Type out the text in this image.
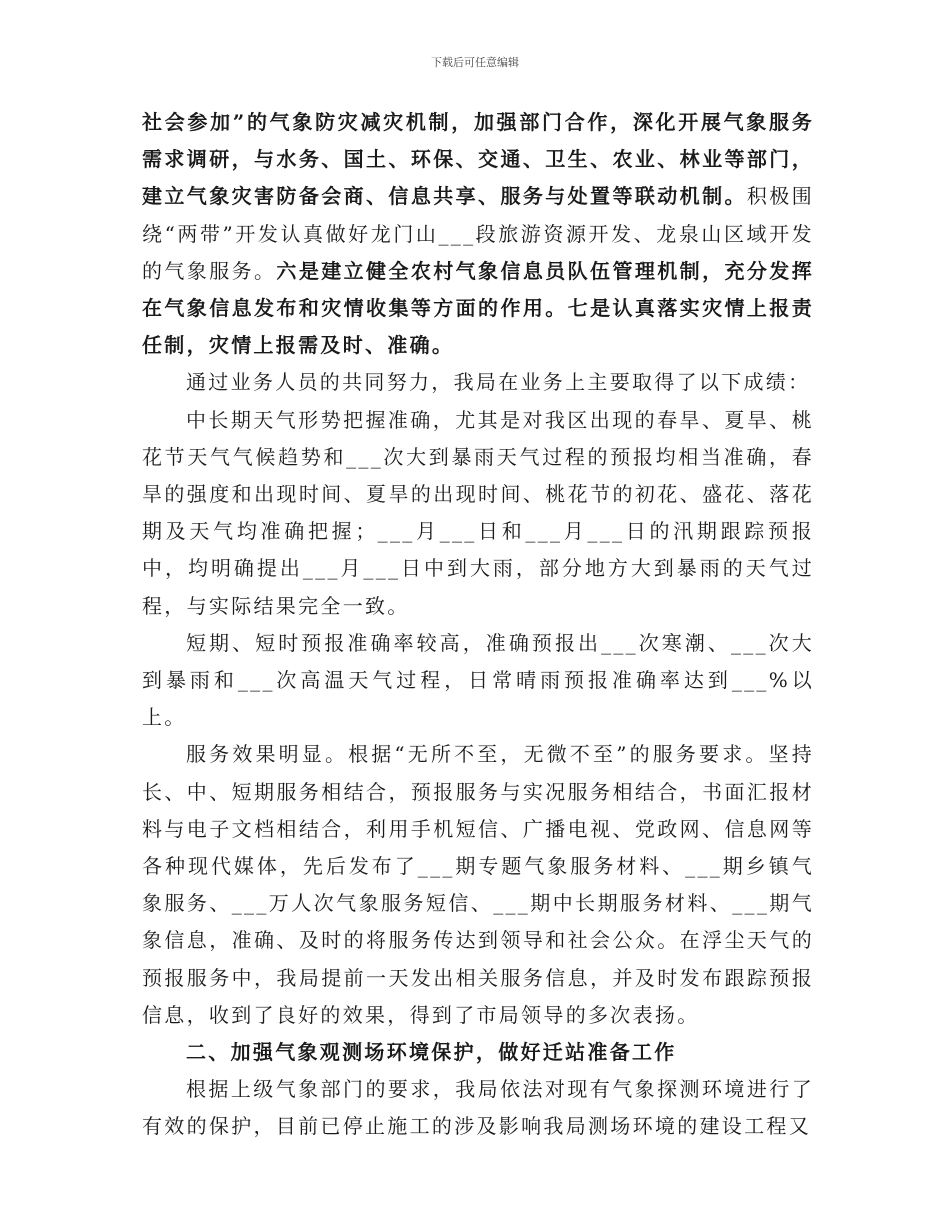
下载后可任意编辑

社会参加”的气象防灾减灾机制，加强部门合作，深化开展气象服务需求调研，与水务、国土、环保、交通、卫生、农业、林业等部门，建立气象灾害防备会商、信息共享、服务与处置等联动机制。积极围绕“两带”开发认真做好龙门山___段旅游资源开发、龙泉山区域开发的气象服务。六是建立健全农村气象信息员队伍管理机制，充分发挥在气象信息发布和灾情收集等方面的作用。七是认真落实灾情上报责任制，灾情上报需及时、准确。

通过业务人员的共同努力，我局在业务上主要取得了以下成绩：

中长期天气形势把握准确，尤其是对我区出现的春旱、夏旱、桃花节天气气候趋势和___次大到暴雨天气过程的预报均相当准确，春旱的强度和出现时间、夏旱的出现时间、桃花节的初花、盛花、落花期及天气均准确把握；___月___日和___月___日的汛期跟踪预报中，均明确提出___月___日中到大雨，部分地方大到暴雨的天气过程，与实际结果完全一致。

短期、短时预报准确率较高，准确预报出___次寒潮、___次大到暴雨和___次高温天气过程，日常晴雨预报准确率达到___%以上。

服务效果明显。根据“无所不至，无微不至”的服务要求。坚持长、中、短期服务相结合，预报服务与实况服务相结合，书面汇报材料与电子文档相结合，利用手机短信、广播电视、党政网、信息网等各种现代媒体，先后发布了___期专题气象服务材料、___期乡镇气象服务、___万人次气象服务短信、___期中长期服务材料、___期气象信息，准确、及时的将服务传达到领导和社会公众。在浮尘天气的预报服务中，我局提前一天发出相关服务信息，并及时发布跟踪预报信息，收到了良好的效果，得到了市局领导的多次表扬。

二、加强气象观测场环境保护，做好迁站准备工作

根据上级气象部门的要求，我局依法对现有气象探测环境进行了有效的保护，目前已停止施工的涉及影响我局测场环境的建设工程又
